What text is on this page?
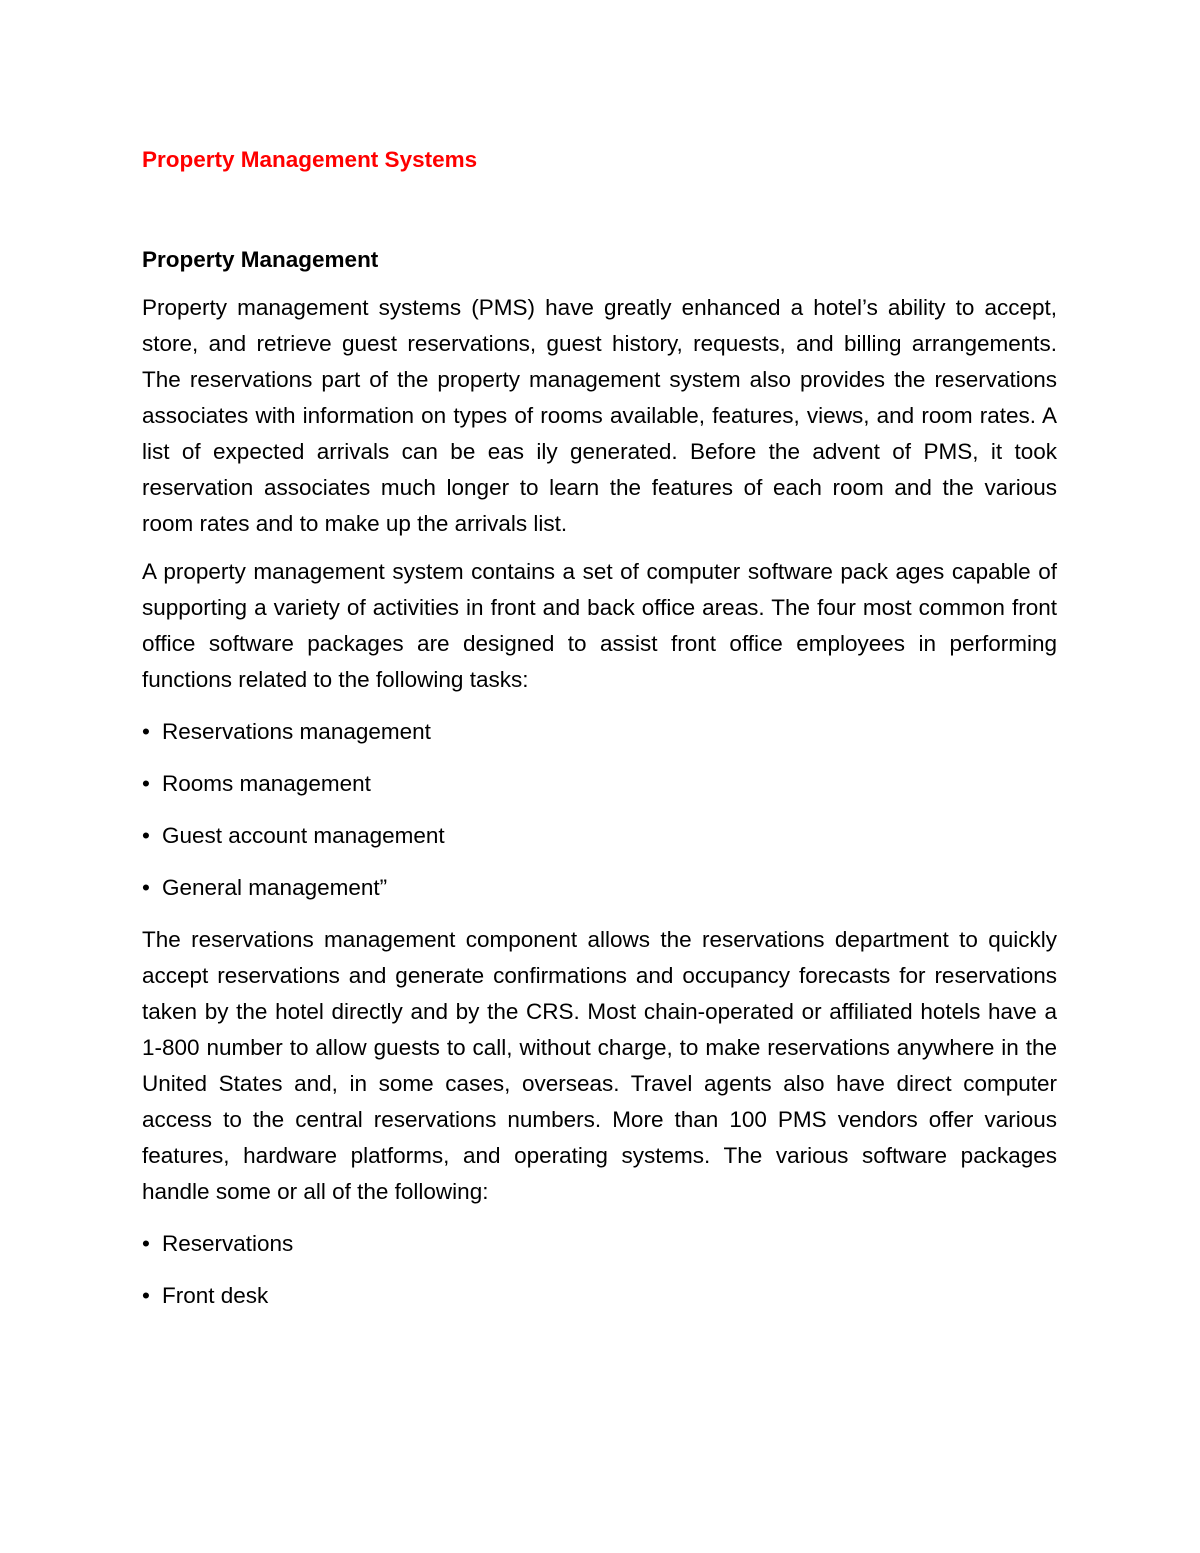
Property Management Systems
Property Management

Property management systems (PMS) have greatly enhanced a hotel’s ability to accept, store, and retrieve guest reservations, guest history, requests, and billing arrangements. The reservations part of the property management system also provides the reservations associates with information on types of rooms available, features, views, and room rates. A list of expected arrivals can be eas ily generated. Before the advent of PMS, it took reservation associates much longer to learn the features of each room and the various room rates and to make up the arrivals list.

A property management system contains a set of computer software pack ages capable of supporting a variety of activities in front and back office areas. The four most common front office software packages are designed to assist front office employees in performing functions related to the following tasks:

• Reservations management
• Rooms management
• Guest account management
• General management”

The reservations management component allows the reservations department to quickly accept reservations and generate confirmations and occupancy forecasts for reservations taken by the hotel directly and by the CRS. Most chain-operated or affiliated hotels have a 1-800 number to allow guests to call, without charge, to make reservations anywhere in the United States and, in some cases, overseas. Travel agents also have direct computer access to the central reservations numbers. More than 100 PMS vendors offer various features, hardware platforms, and operating systems. The various software packages handle some or all of the following:

• Reservations
• Front desk
